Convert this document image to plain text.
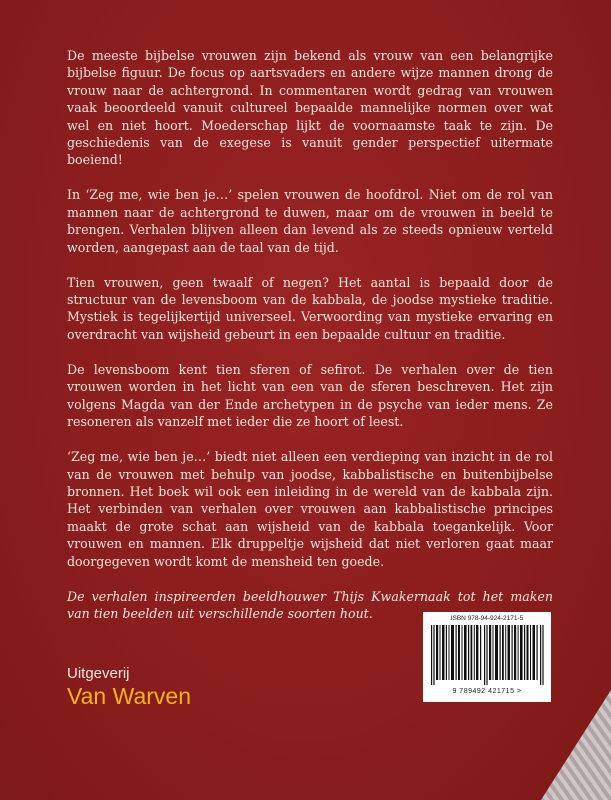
De meeste bijbelse vrouwen zijn bekend als vrouw van een belangrijke bijbelse figuur. De focus op aartsvaders en andere wijze mannen drong de vrouw naar de achtergrond. In commentaren wordt gedrag van vrouwen vaak beoordeeld vanuit cultureel bepaalde mannelijke normen over wat wel en niet hoort. Moederschap lijkt de voornaamste taak te zijn. De geschiedenis van de exegese is vanuit gender perspectief uitermate boeiend!

In ‘Zeg me, wie ben je…’ spelen vrouwen de hoofdrol. Niet om de rol van mannen naar de achtergrond te duwen, maar om de vrouwen in beeld te brengen. Verhalen blijven alleen dan levend als ze steeds opnieuw verteld worden, aangepast aan de taal van de tijd.

Tien vrouwen, geen twaalf of negen? Het aantal is bepaald door de structuur van de levensboom van de kabbala, de joodse mystieke traditie. Mystiek is tegelijkertijd universeel. Verwoording van mystieke ervaring en overdracht van wijsheid gebeurt in een bepaalde cultuur en traditie.

De levensboom kent tien sferen of sefirot. De verhalen over de tien vrouwen worden in het licht van een van de sferen beschreven. Het zijn volgens Magda van der Ende archetypen in de psyche van ieder mens. Ze resoneren als vanzelf met ieder die ze hoort of leest.

‘Zeg me, wie ben je…’ biedt niet alleen een verdieping van inzicht in de rol van de vrouwen met behulp van joodse, kabbalistische en buitenbijbelse bronnen. Het boek wil ook een inleiding in de wereld van de kabbala zijn. Het verbinden van verhalen over vrouwen aan kabbalistische principes maakt de grote schat aan wijsheid van de kabbala toegankelijk. Voor vrouwen en mannen. Elk druppeltje wijsheid dat niet verloren gaat maar doorgegeven wordt komt de mensheid ten goede.

De verhalen inspireerden beeldhouwer Thijs Kwakernaak tot het maken van tien beelden uit verschillende soorten hout.

Uitgeverij
Van Warven
ISBN 978-94-924-2171-5
9 789492 421715 >
